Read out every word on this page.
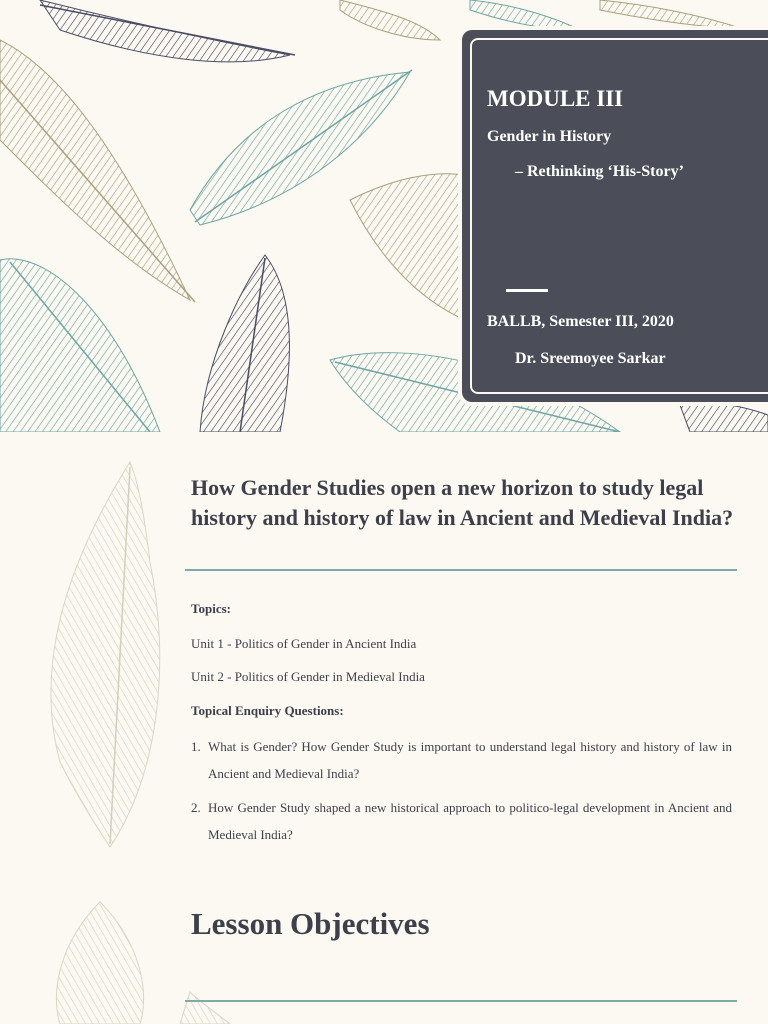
MODULE III
Gender in History
– Rethinking ‘His-Story’
BALLB, Semester III, 2020
Dr. Sreemoyee Sarkar
How Gender Studies open a new horizon to study legal history and history of law in Ancient and Medieval India?
Topics:
Unit 1 - Politics of Gender in Ancient India
Unit 2 - Politics of Gender in Medieval India
Topical Enquiry Questions:
1. What is Gender? How Gender Study is important to understand legal history and history of law in Ancient and Medieval India?
2. How Gender Study shaped a new historical approach to politico-legal development in Ancient and Medieval India?
Lesson Objectives
